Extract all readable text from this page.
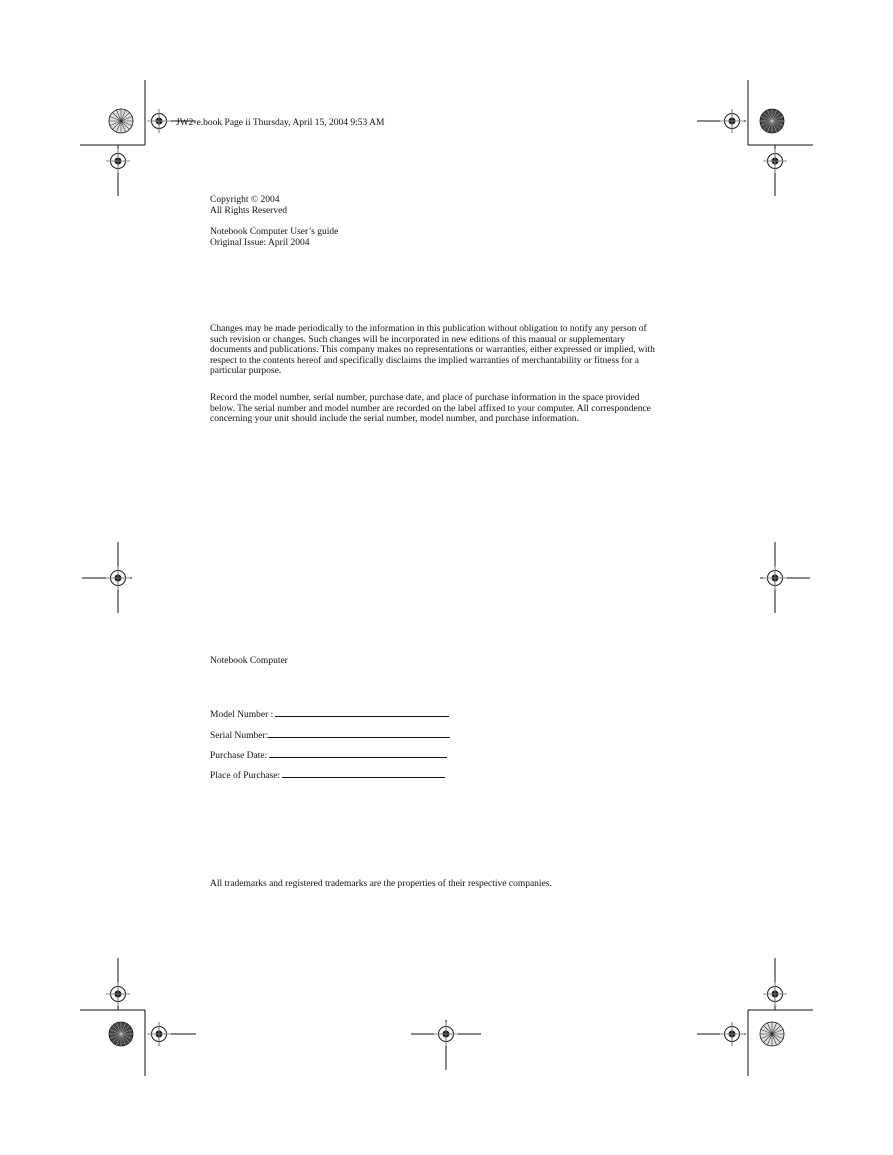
JW2-e.book Page ii Thursday, April 15, 2004 9:53 AM

Copyright © 2004

All Rights Reserved

Notebook Computer User’s guide

Original Issue: April 2004

Changes may be made periodically to the information in this publication without obligation to notify any person of such revision or changes. Such changes will be incorporated in new editions of this manual or supplementary documents and publications. This company makes no representations or warranties, either expressed or implied, with respect to the contents hereof and specifically disclaims the implied warranties of merchantability or fitness for a particular purpose.

Record the model number, serial number, purchase date, and place of purchase information in the space provided below. The serial number and model number are recorded on the label affixed to your computer. All correspondence concerning your unit should include the serial number, model number, and purchase information.

Notebook Computer
Model Number :
Serial Number:
Purchase Date:
Place of Purchase:
All trademarks and registered trademarks are the properties of their respective companies.
